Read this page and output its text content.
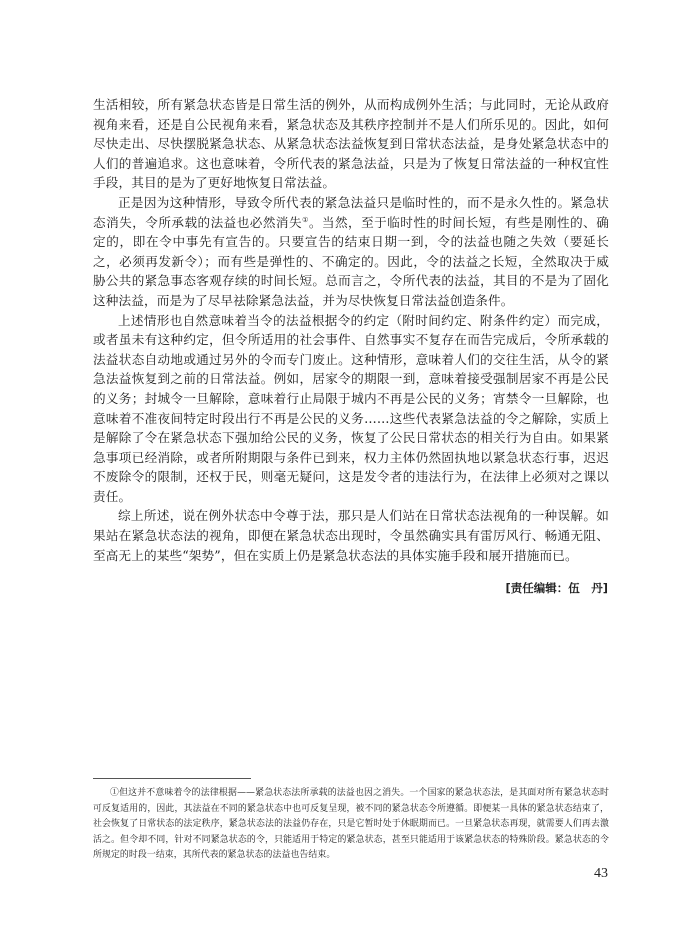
生活相较，所有紧急状态皆是日常生活的例外，从而构成例外生活；与此同时，无论从政府视角来看，还是自公民视角来看，紧急状态及其秩序控制并不是人们所乐见的。因此，如何尽快走出、尽快摆脱紧急状态、从紧急状态法益恢复到日常状态法益，是身处紧急状态中的人们的普遍追求。这也意味着，令所代表的紧急法益，只是为了恢复日常法益的一种权宜性手段，其目的是为了更好地恢复日常法益。

正是因为这种情形，导致令所代表的紧急法益只是临时性的，而不是永久性的。紧急状态消失，令所承载的法益也必然消失①。当然，至于临时性的时间长短，有些是刚性的、确定的，即在令中事先有宣告的。只要宣告的结束日期一到，令的法益也随之失效（要延长之，必须再发新令）；而有些是弹性的、不确定的。因此，令的法益之长短，全然取决于威胁公共的紧急事态客观存续的时间长短。总而言之，令所代表的法益，其目的不是为了固化这种法益，而是为了尽早祛除紧急法益，并为尽快恢复日常法益创造条件。

上述情形也自然意味着当令的法益根据令的约定（附时间约定、附条件约定）而完成，或者虽未有这种约定，但令所适用的社会事件、自然事实不复存在而告完成后，令所承载的法益状态自动地或通过另外的令而专门废止。这种情形，意味着人们的交往生活，从令的紧急法益恢复到之前的日常法益。例如，居家令的期限一到，意味着接受强制居家不再是公民的义务；封城令一旦解除，意味着行止局限于城内不再是公民的义务；宵禁令一旦解除，也意味着不准夜间特定时段出行不再是公民的义务……这些代表紧急法益的令之解除，实质上是解除了令在紧急状态下强加给公民的义务，恢复了公民日常状态的相关行为自由。如果紧急事项已经消除，或者所附期限与条件已到来，权力主体仍然固执地以紧急状态行事，迟迟不废除令的限制，还权于民，则毫无疑问，这是发令者的违法行为，在法律上必须对之课以责任。

综上所述，说在例外状态中令尊于法，那只是人们站在日常状态法视角的一种误解。如果站在紧急状态法的视角，即便在紧急状态出现时，令虽然确实具有雷厉风行、畅通无阻、至高无上的某些“架势”，但在实质上仍是紧急状态法的具体实施手段和展开措施而已。

[责任编辑：伍　丹]

①但这并不意味着令的法律根据——紧急状态法所承载的法益也因之消失。一个国家的紧急状态法，是其面对所有紧急状态时可反复适用的，因此，其法益在不同的紧急状态中也可反复呈现，被不同的紧急状态令所遵循。即便某一具体的紧急状态结束了，社会恢复了日常状态的法定秩序，紧急状态法的法益仍存在，只是它暂时处于休眠期而已。一旦紧急状态再现，就需要人们再去激活之。但令却不同，针对不同紧急状态的令，只能适用于特定的紧急状态，甚至只能适用于该紧急状态的特殊阶段。紧急状态的令所规定的时段一结束，其所代表的紧急状态的法益也告结束。

43
